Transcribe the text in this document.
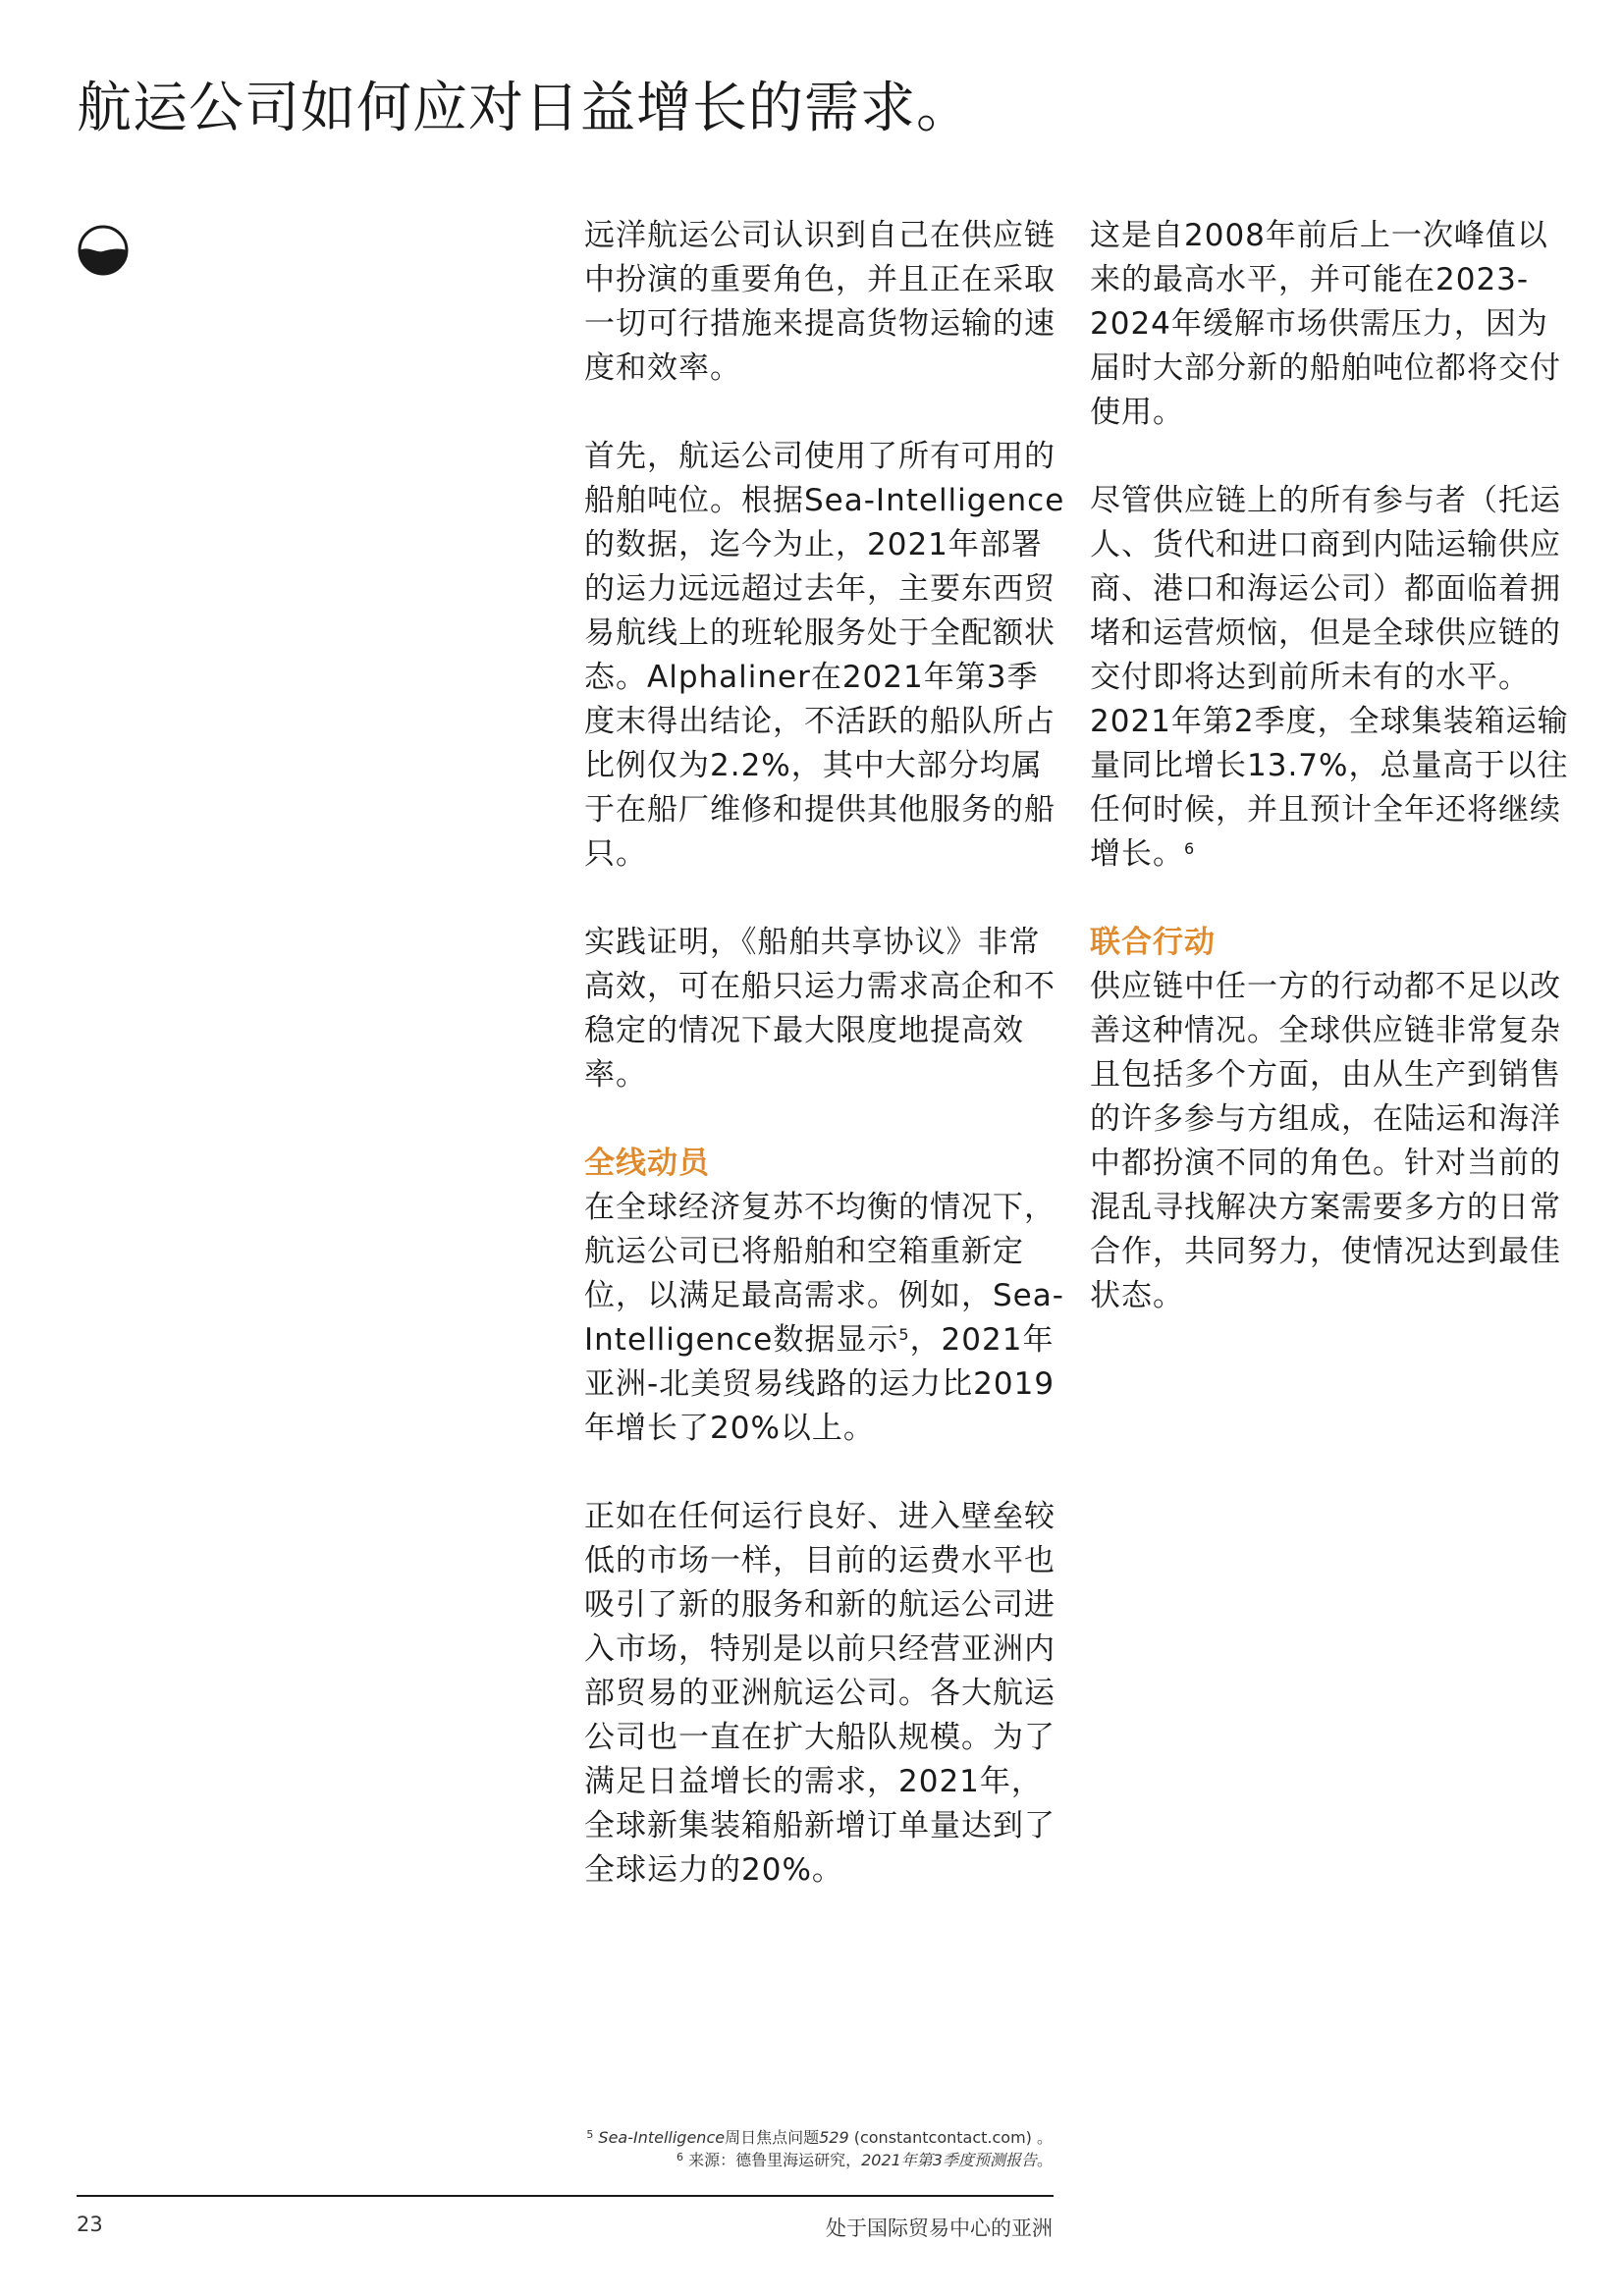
航运公司如何应对日益增长的需求。

远洋航运公司认识到自己在供应链中扮演的重要角色，并且正在采取一切可行措施来提高货物运输的速度和效率。

首先，航运公司使用了所有可用的船舶吨位。根据Sea-Intelligence的数据，迄今为止，2021年部署的运力远远超过去年，主要东西贸易航线上的班轮服务处于全配额状态。Alphaliner在2021年第3季度末得出结论，不活跃的船队所占比例仅为2.2%，其中大部分均属于在船厂维修和提供其他服务的船只。

实践证明，《船舶共享协议》非常高效，可在船只运力需求高企和不稳定的情况下最大限度地提高效率。

全线动员

在全球经济复苏不均衡的情况下，航运公司已将船舶和空箱重新定位，以满足最高需求。例如，Sea-Intelligence数据显示$^5$，2021年亚洲-北美贸易线路的运力比2019年增长了20%以上。

正如在任何运行良好、进入壁垒较低的市场一样，目前的运费水平也吸引了新的服务和新的航运公司进入市场，特别是以前只经营亚洲内部贸易的亚洲航运公司。各大航运公司也一直在扩大船队规模。为了满足日益增长的需求，2021年，全球新集装箱船新增订单量达到了全球运力的20%。

这是自2008年前后上一次峰值以来的最高水平，并可能在2023-2024年缓解市场供需压力，因为届时大部分新的船舶吨位都将交付使用。

尽管供应链上的所有参与者（托运人、货代和进口商到内陆运输供应商、港口和海运公司）都面临着拥堵和运营烦恼，但是全球供应链的交付即将达到前所未有的水平。2021年第2季度，全球集装箱运输量同比增长13.7%，总量高于以往任何时候，并且预计全年还将继续增长。$^6$

联合行动

供应链中任一方的行动都不足以改善这种情况。全球供应链非常复杂且包括多个方面，由从生产到销售的许多参与方组成，在陆运和海洋中都扮演不同的角色。针对当前的混乱寻找解决方案需要多方的日常合作，共同努力，使情况达到最佳状态。

$^5$ Sea-Intelligence周日焦点问题529 (constantcontact.com) 。
$^6$ 来源：德鲁里海运研究，2021年第3季度预测报告。
23	处于国际贸易中心的亚洲
